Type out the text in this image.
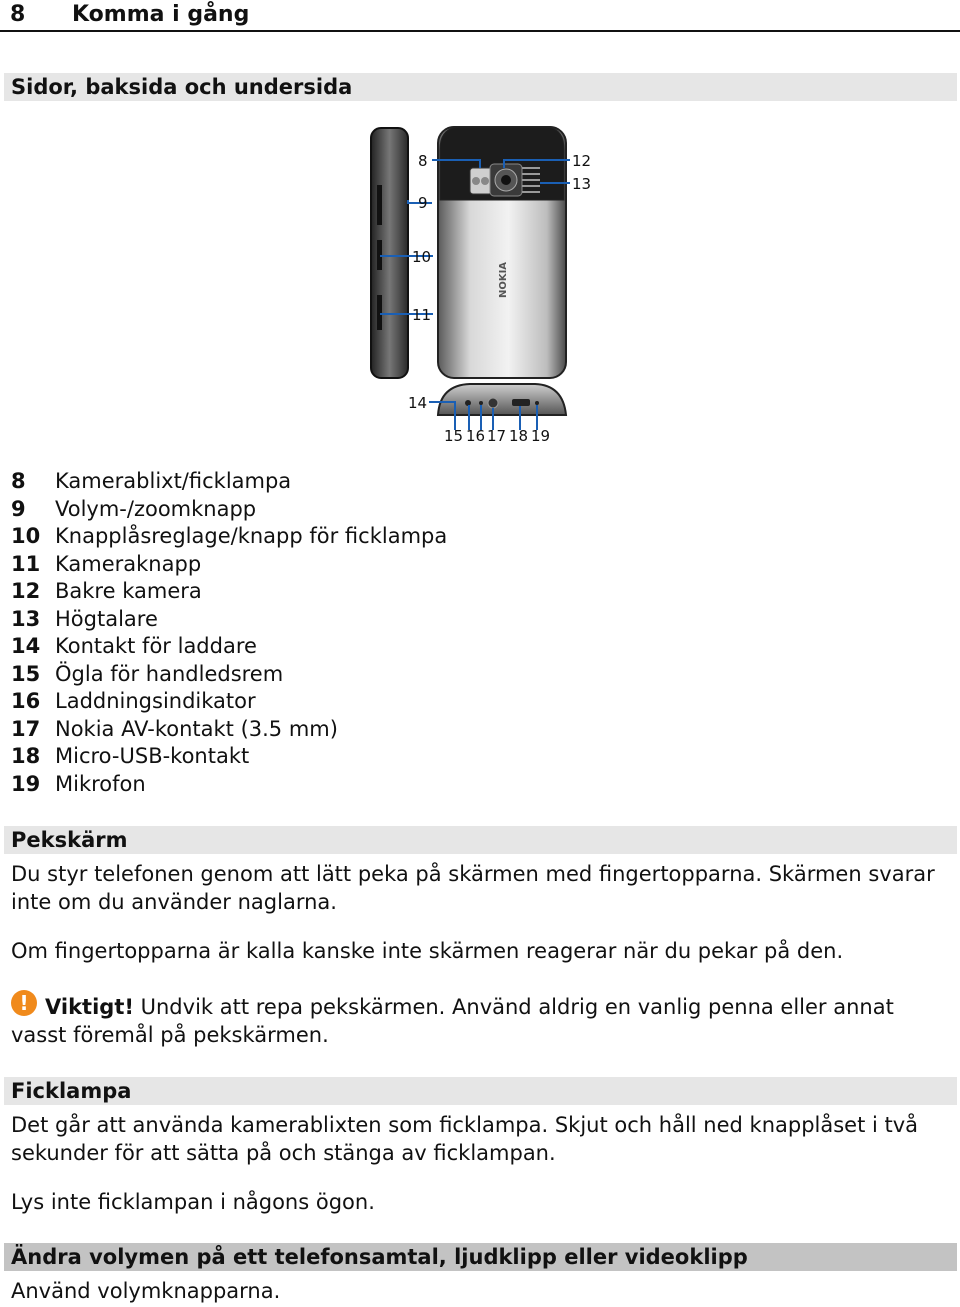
8 Komma i gång
Sidor, baksida och undersida
NOKIA
8
9
10
11
12
13
14
15 16 17 18 19
8	Kamerablixt/ficklampa
9	Volym-/zoomknapp
10 Knapplåsreglage/knapp för ficklampa
11 Kameraknapp
12 Bakre kamera
13 Högtalare
14 Kontakt för laddare
15 Ögla för handledsrem
16 Laddningsindikator
17 Nokia AV-kontakt (3.5 mm)
18 Micro-USB-kontakt
19 Mikrofon
Pekskärm
Du styr telefonen genom att lätt peka på skärmen med fingertopparna. Skärmen svarar inte om du använder naglarna.
Om fingertopparna är kalla kanske inte skärmen reagerar när du pekar på den.
! Viktigt! Undvik att repa pekskärmen. Använd aldrig en vanlig penna eller annat vasst föremål på pekskärmen.
Ficklampa
Det går att använda kamerablixten som ficklampa. Skjut och håll ned knapplåset i två sekunder för att sätta på och stänga av ficklampan.
Lys inte ficklampan i någons ögon.
Ändra volymen på ett telefonsamtal, ljudklipp eller videoklipp
Använd volymknapparna.
